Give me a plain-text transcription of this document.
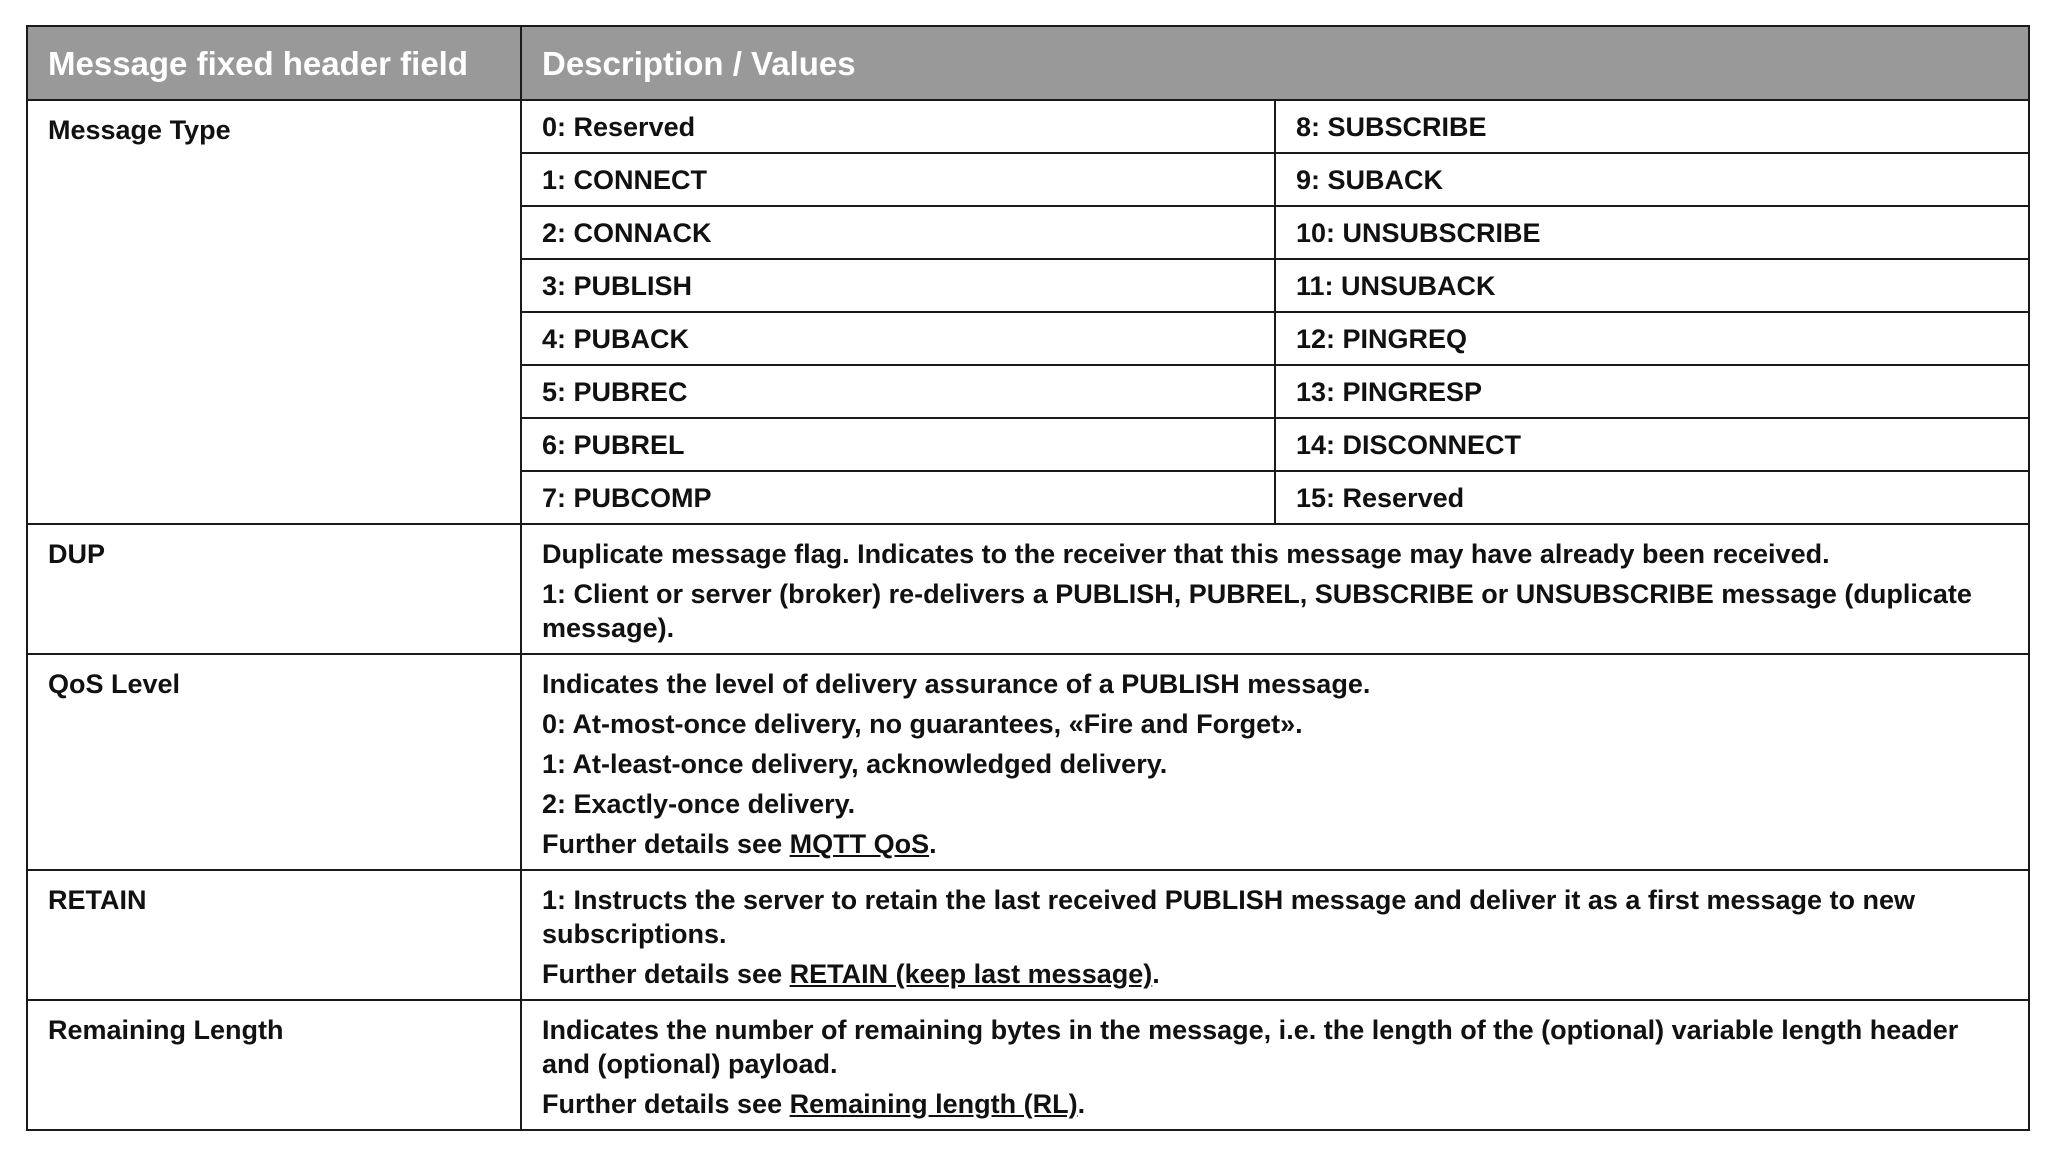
Message fixed header field	Description / Values	
Message Type	0: Reserved	8: SUBSCRIBE
	1: CONNECT	9: SUBACK
	2: CONNACK	10: UNSUBSCRIBE
	3: PUBLISH	11: UNSUBACK
	4: PUBACK	12: PINGREQ
	5: PUBREC	13: PINGRESP
	6: PUBREL	14: DISCONNECT
	7: PUBCOMP	15: Reserved
DUP	Duplicate message flag. Indicates to the receiver that this message may have already been received.

1: Client or server (broker) re-delivers a PUBLISH, PUBREL, SUBSCRIBE or UNSUBSCRIBE message (duplicate message).	

QoS Level	Indicates the level of delivery assurance of a PUBLISH message.

0: At-most-once delivery, no guarantees, «Fire and Forget».

1: At-least-once delivery, acknowledged delivery.

2: Exactly-once delivery.

Further details see MQTT QoS.	

RETAIN	1: Instructs the server to retain the last received PUBLISH message and deliver it as a first message to new subscriptions.

Further details see RETAIN (keep last message).	

Remaining Length	Indicates the number of remaining bytes in the message, i.e. the length of the (optional) variable length header and (optional) payload.

Further details see Remaining length (RL).	
